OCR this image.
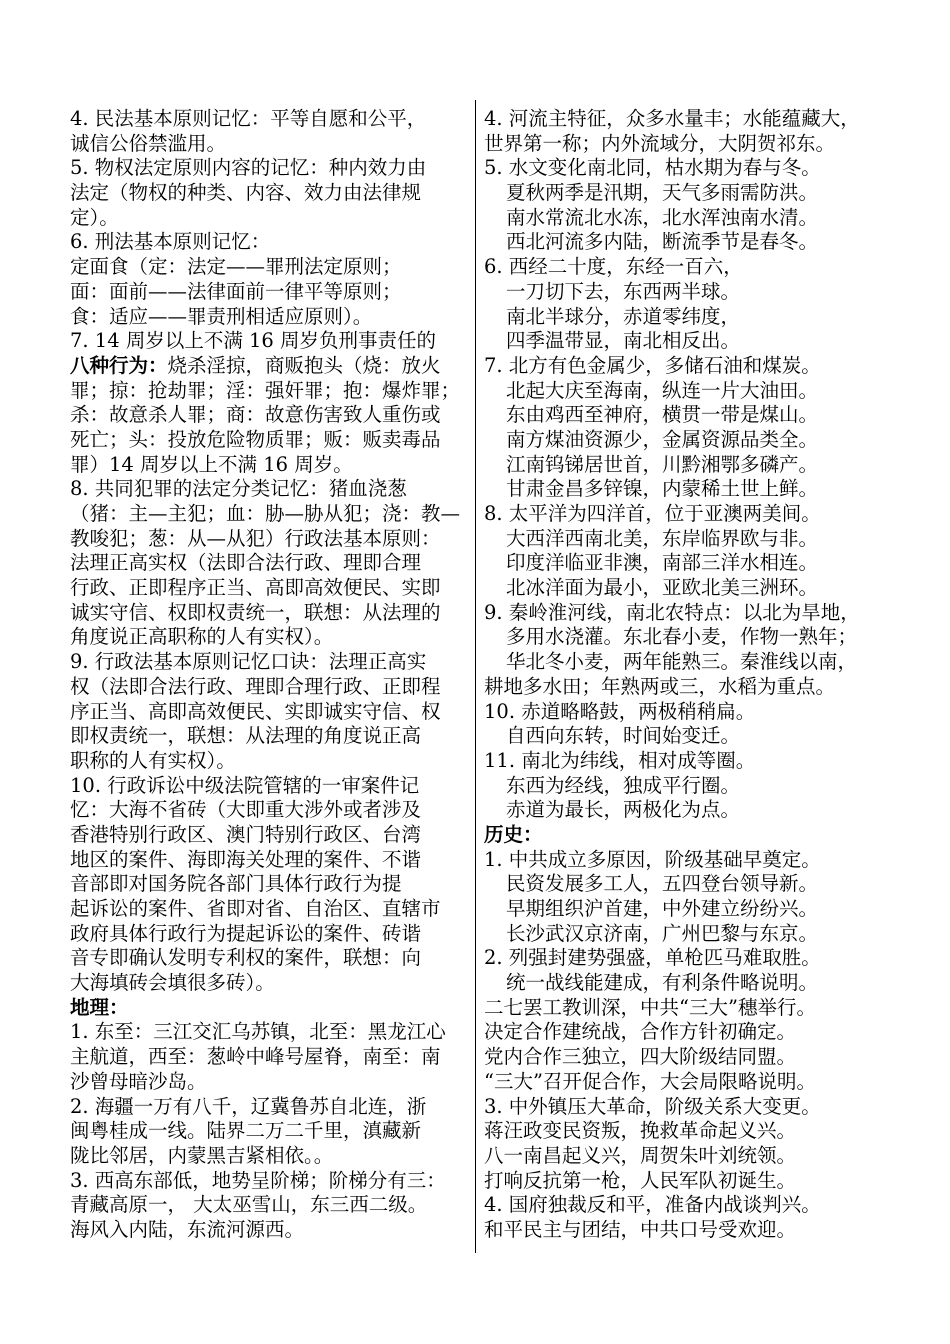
4. 民法基本原则记忆：平等自愿和公平，
诚信公俗禁滥用。
5. 物权法定原则内容的记忆：种内效力由
法定（物权的种类、内容、效力由法律规
定）。
6. 刑法基本原则记忆：
定面食（定：法定——罪刑法定原则；
面：面前——法律面前一律平等原则；
食：适应——罪责刑相适应原则）。
7. 14 周岁以上不满 16 周岁负刑事责任的
八种行为：烧杀淫掠，商贩抱头（烧：放火
罪；掠：抢劫罪；淫：强奸罪；抱：爆炸罪；
杀：故意杀人罪；商：故意伤害致人重伤或
死亡；头：投放危险物质罪；贩：贩卖毒品
罪）14 周岁以上不满 16 周岁。
8. 共同犯罪的法定分类记忆：猪血浇葱
（猪：主—主犯；血：胁—胁从犯；浇：教—
教唆犯；葱：从—从犯）行政法基本原则：
法理正高实权（法即合法行政、理即合理
行政、正即程序正当、高即高效便民、实即
诚实守信、权即权责统一，联想：从法理的
角度说正高职称的人有实权）。
9. 行政法基本原则记忆口诀：法理正高实
权（法即合法行政、理即合理行政、正即程
序正当、高即高效便民、实即诚实守信、权
即权责统一，联想：从法理的角度说正高
职称的人有实权）。
10. 行政诉讼中级法院管辖的一审案件记
忆：大海不省砖（大即重大涉外或者涉及
香港特别行政区、澳门特别行政区、台湾
地区的案件、海即海关处理的案件、不谐
音部即对国务院各部门具体行政行为提
起诉讼的案件、省即对省、自治区、直辖市
政府具体行政行为提起诉讼的案件、砖谐
音专即确认发明专利权的案件，联想：向
大海填砖会填很多砖）。
地理：
1. 东至：三江交汇乌苏镇，北至：黑龙江心
主航道，西至：葱岭中峰号屋脊，南至：南
沙曾母暗沙岛。
2. 海疆一万有八千，辽冀鲁苏自北连，浙
闽粤桂成一线。陆界二万二千里，滇藏新
陇比邻居，内蒙黑吉紧相依。。
3. 西高东部低，地势呈阶梯；阶梯分有三：
青藏高原一， 大太巫雪山，东三西二级。
海风入内陆，东流河源西。
4. 河流主特征，众多水量丰；水能蕴藏大，
世界第一称；内外流域分，大阴贺祁东。
5. 水文变化南北同，枯水期为春与冬。
夏秋两季是汛期，天气多雨需防洪。
南水常流北水冻，北水浑浊南水清。
西北河流多内陆，断流季节是春冬。
6. 西经二十度，东经一百六，
一刀切下去，东西两半球。
南北半球分，赤道零纬度，
四季温带显，南北相反出。
7. 北方有色金属少，多储石油和煤炭。
北起大庆至海南，纵连一片大油田。
东由鸡西至神府，横贯一带是煤山。
南方煤油资源少，金属资源品类全。
江南钨锑居世首，川黔湘鄂多磷产。
甘肃金昌多锌镍，内蒙稀土世上鲜。
8. 太平洋为四洋首，位于亚澳两美间。
大西洋西南北美，东岸临界欧与非。
印度洋临亚非澳，南部三洋水相连。
北冰洋面为最小，亚欧北美三洲环。
9. 秦岭淮河线，南北农特点：以北为旱地，
多用水浇灌。东北春小麦，作物一熟年；
华北冬小麦，两年能熟三。秦淮线以南，
耕地多水田；年熟两或三，水稻为重点。
10. 赤道略略鼓，两极稍稍扁。
自西向东转，时间始变迁。
11. 南北为纬线，相对成等圈。
东西为经线，独成平行圈。
赤道为最长，两极化为点。
历史：
1. 中共成立多原因，阶级基础早奠定。
民资发展多工人，五四登台领导新。
早期组织沪首建，中外建立纷纷兴。
长沙武汉京济南，广州巴黎与东京。
2. 列强封建势强盛，单枪匹马难取胜。
统一战线能建成，有利条件略说明。
二七罢工教训深，中共“三大”穗举行。
决定合作建统战，合作方针初确定。
党内合作三独立，四大阶级结同盟。
“三大”召开促合作，大会局限略说明。
3. 中外镇压大革命，阶级关系大变更。
蒋汪政变民资叛，挽救革命起义兴。
八一南昌起义兴，周贺朱叶刘统领。
打响反抗第一枪，人民军队初诞生。
4. 国府独裁反和平，准备内战谈判兴。
和平民主与团结，中共口号受欢迎。
